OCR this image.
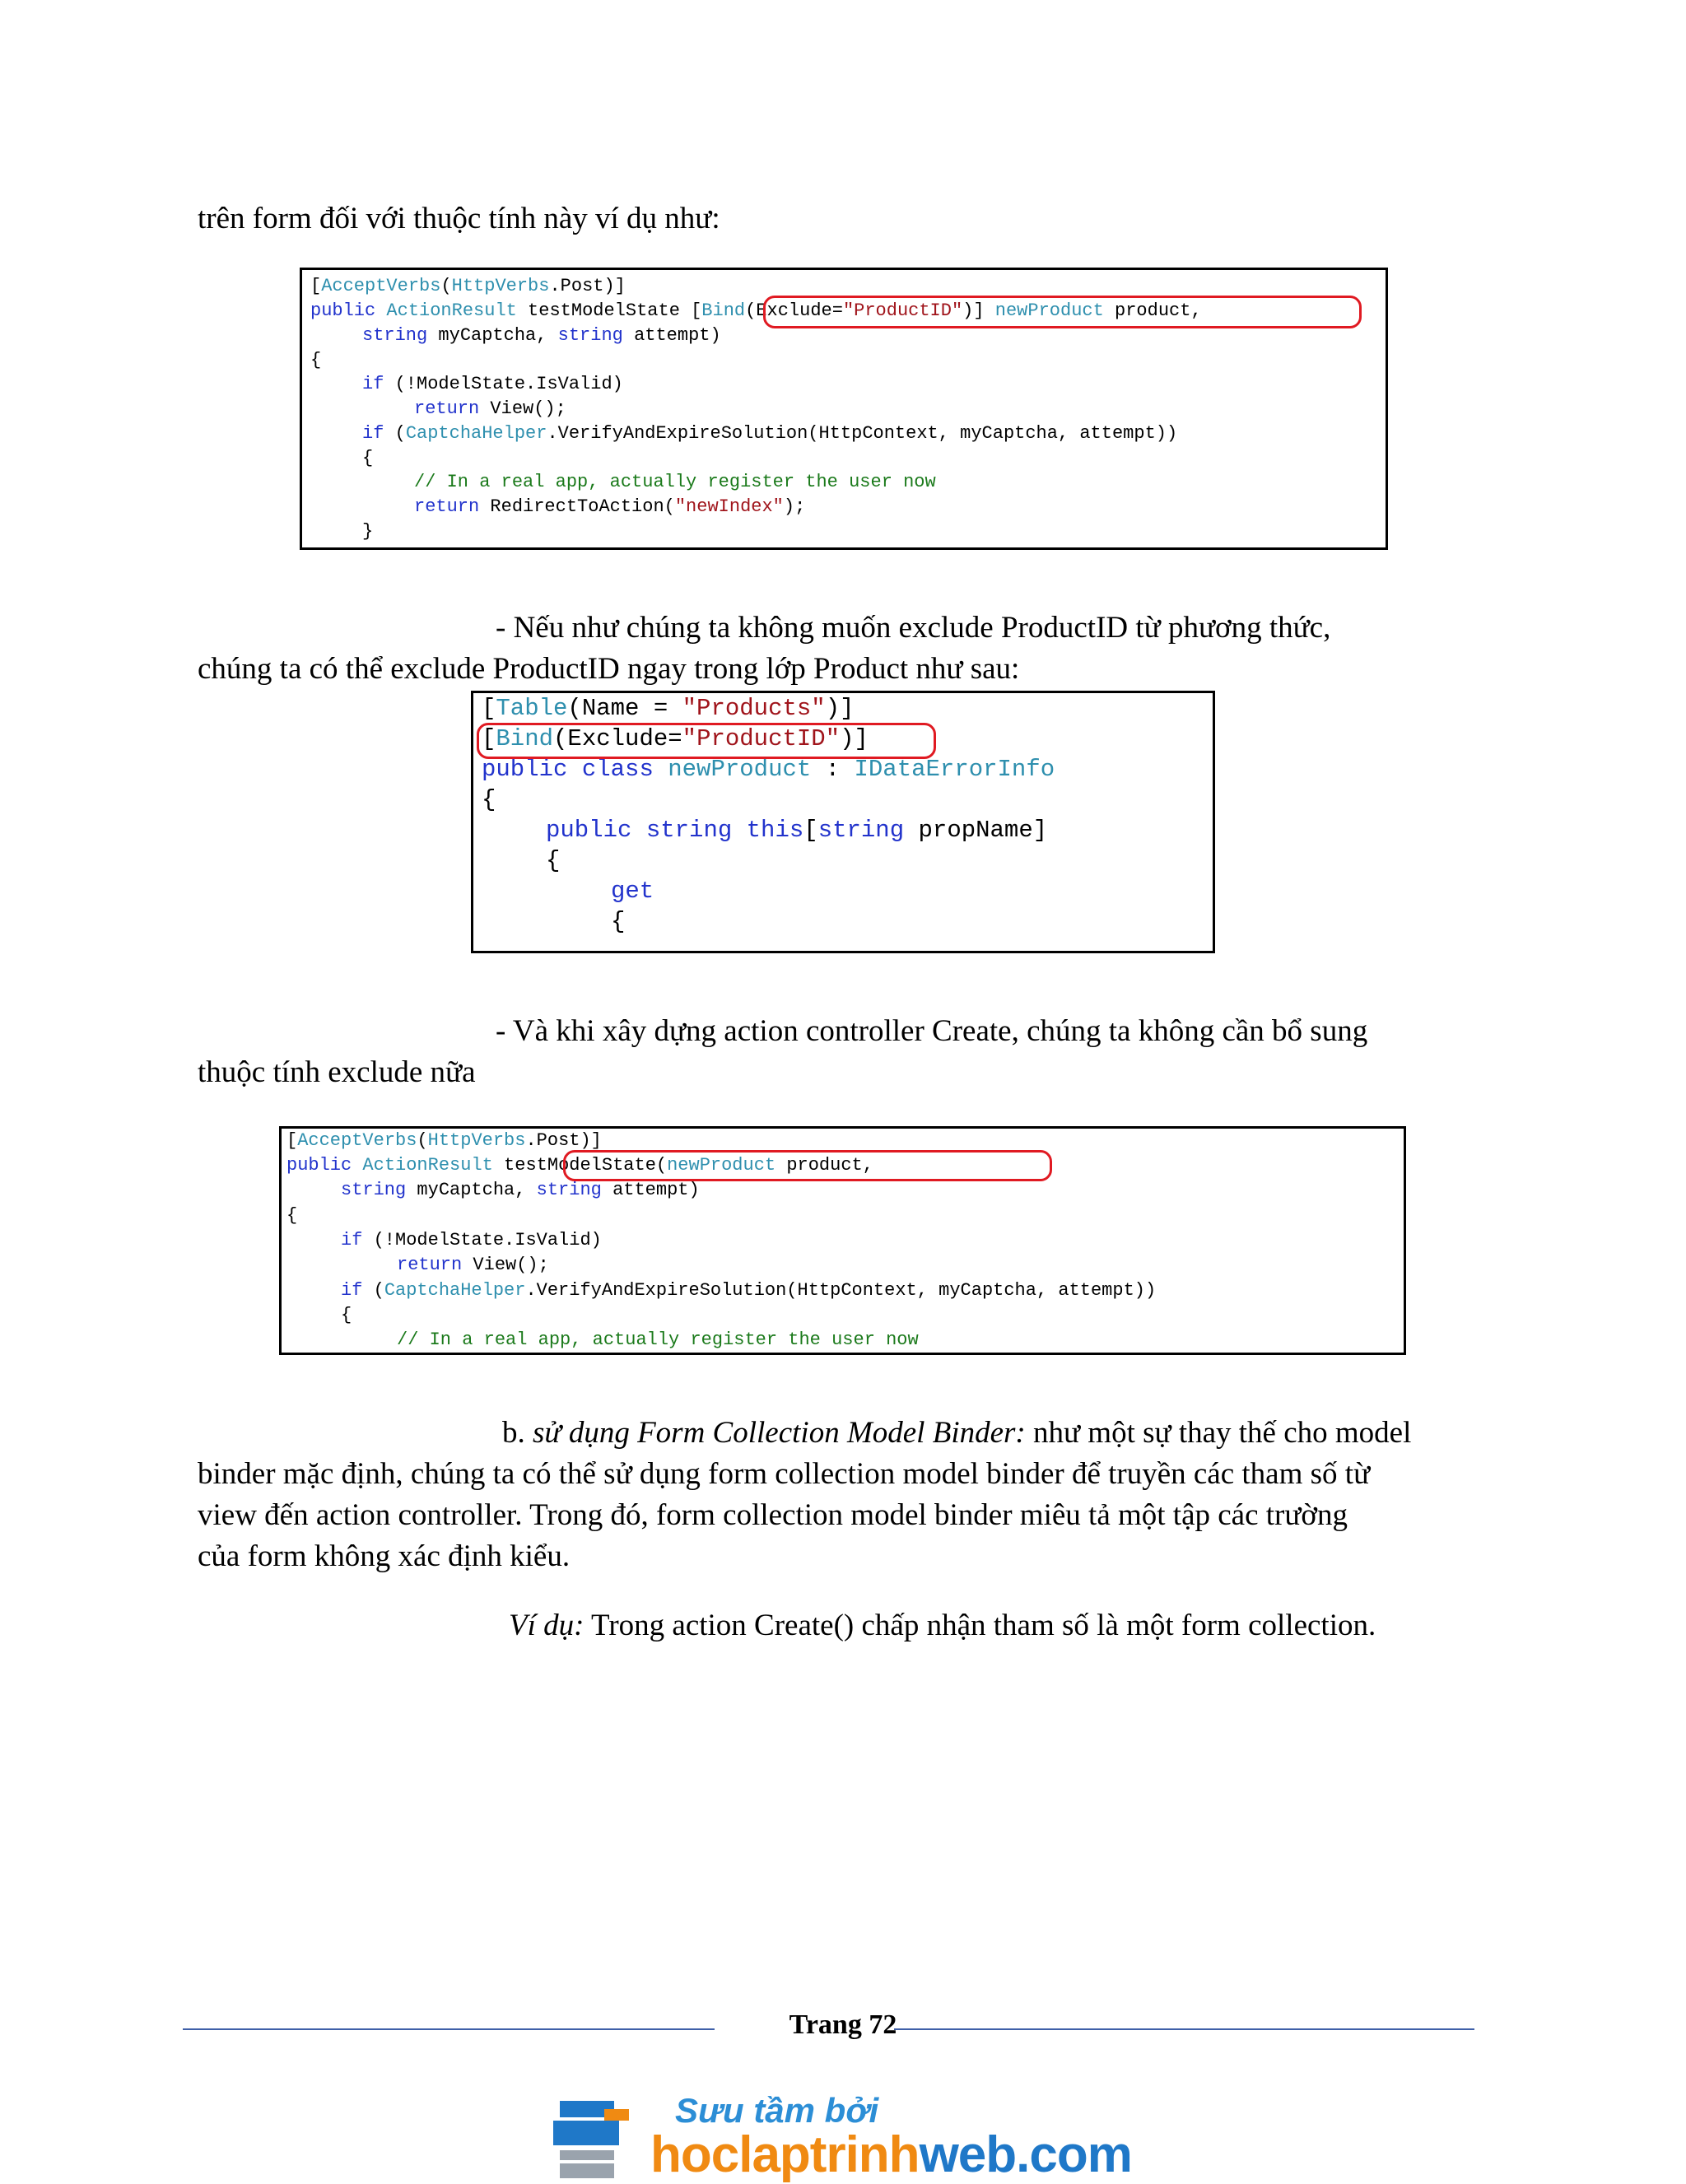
trên form đối với thuộc tính này ví dụ như:

[AcceptVerbs(HttpVerbs.Post)]
public ActionResult testModelState [Bind(Exclude="ProductID")] newProduct product,
string myCaptcha, string attempt)
{
if (!ModelState.IsValid)
return View();
if (CaptchaHelper.VerifyAndExpireSolution(HttpContext, myCaptcha, attempt))
{
// In a real app, actually register the user now
return RedirectToAction("newIndex");
}
- Nếu như chúng ta không muốn exclude ProductID từ phương thức,
chúng ta có thể exclude ProductID ngay trong lớp Product như sau:
[Table(Name = "Products")]
[Bind(Exclude="ProductID")]
public class newProduct : IDataErrorInfo
{
public string this[string propName]
{
get
{
- Và khi xây dựng action controller Create, chúng ta không cần bổ sung
thuộc tính exclude nữa
[AcceptVerbs(HttpVerbs.Post)]
public ActionResult testModelState(newProduct product,
string myCaptcha, string attempt)
{
if (!ModelState.IsValid)
return View();
if (CaptchaHelper.VerifyAndExpireSolution(HttpContext, myCaptcha, attempt))
{
// In a real app, actually register the user now
b. sử dụng Form Collection Model Binder: như một sự thay thế cho model
binder mặc định, chúng ta có thể sử dụng form collection model binder để truyền các tham số từ
view đến action controller. Trong đó, form collection model binder miêu tả một tập các trường
của form không xác định kiểu.

Ví dụ: Trong action Create() chấp nhận tham số là một form collection.

Trang 72
Sưu tầm bởi
hoclaptrinhweb.com
